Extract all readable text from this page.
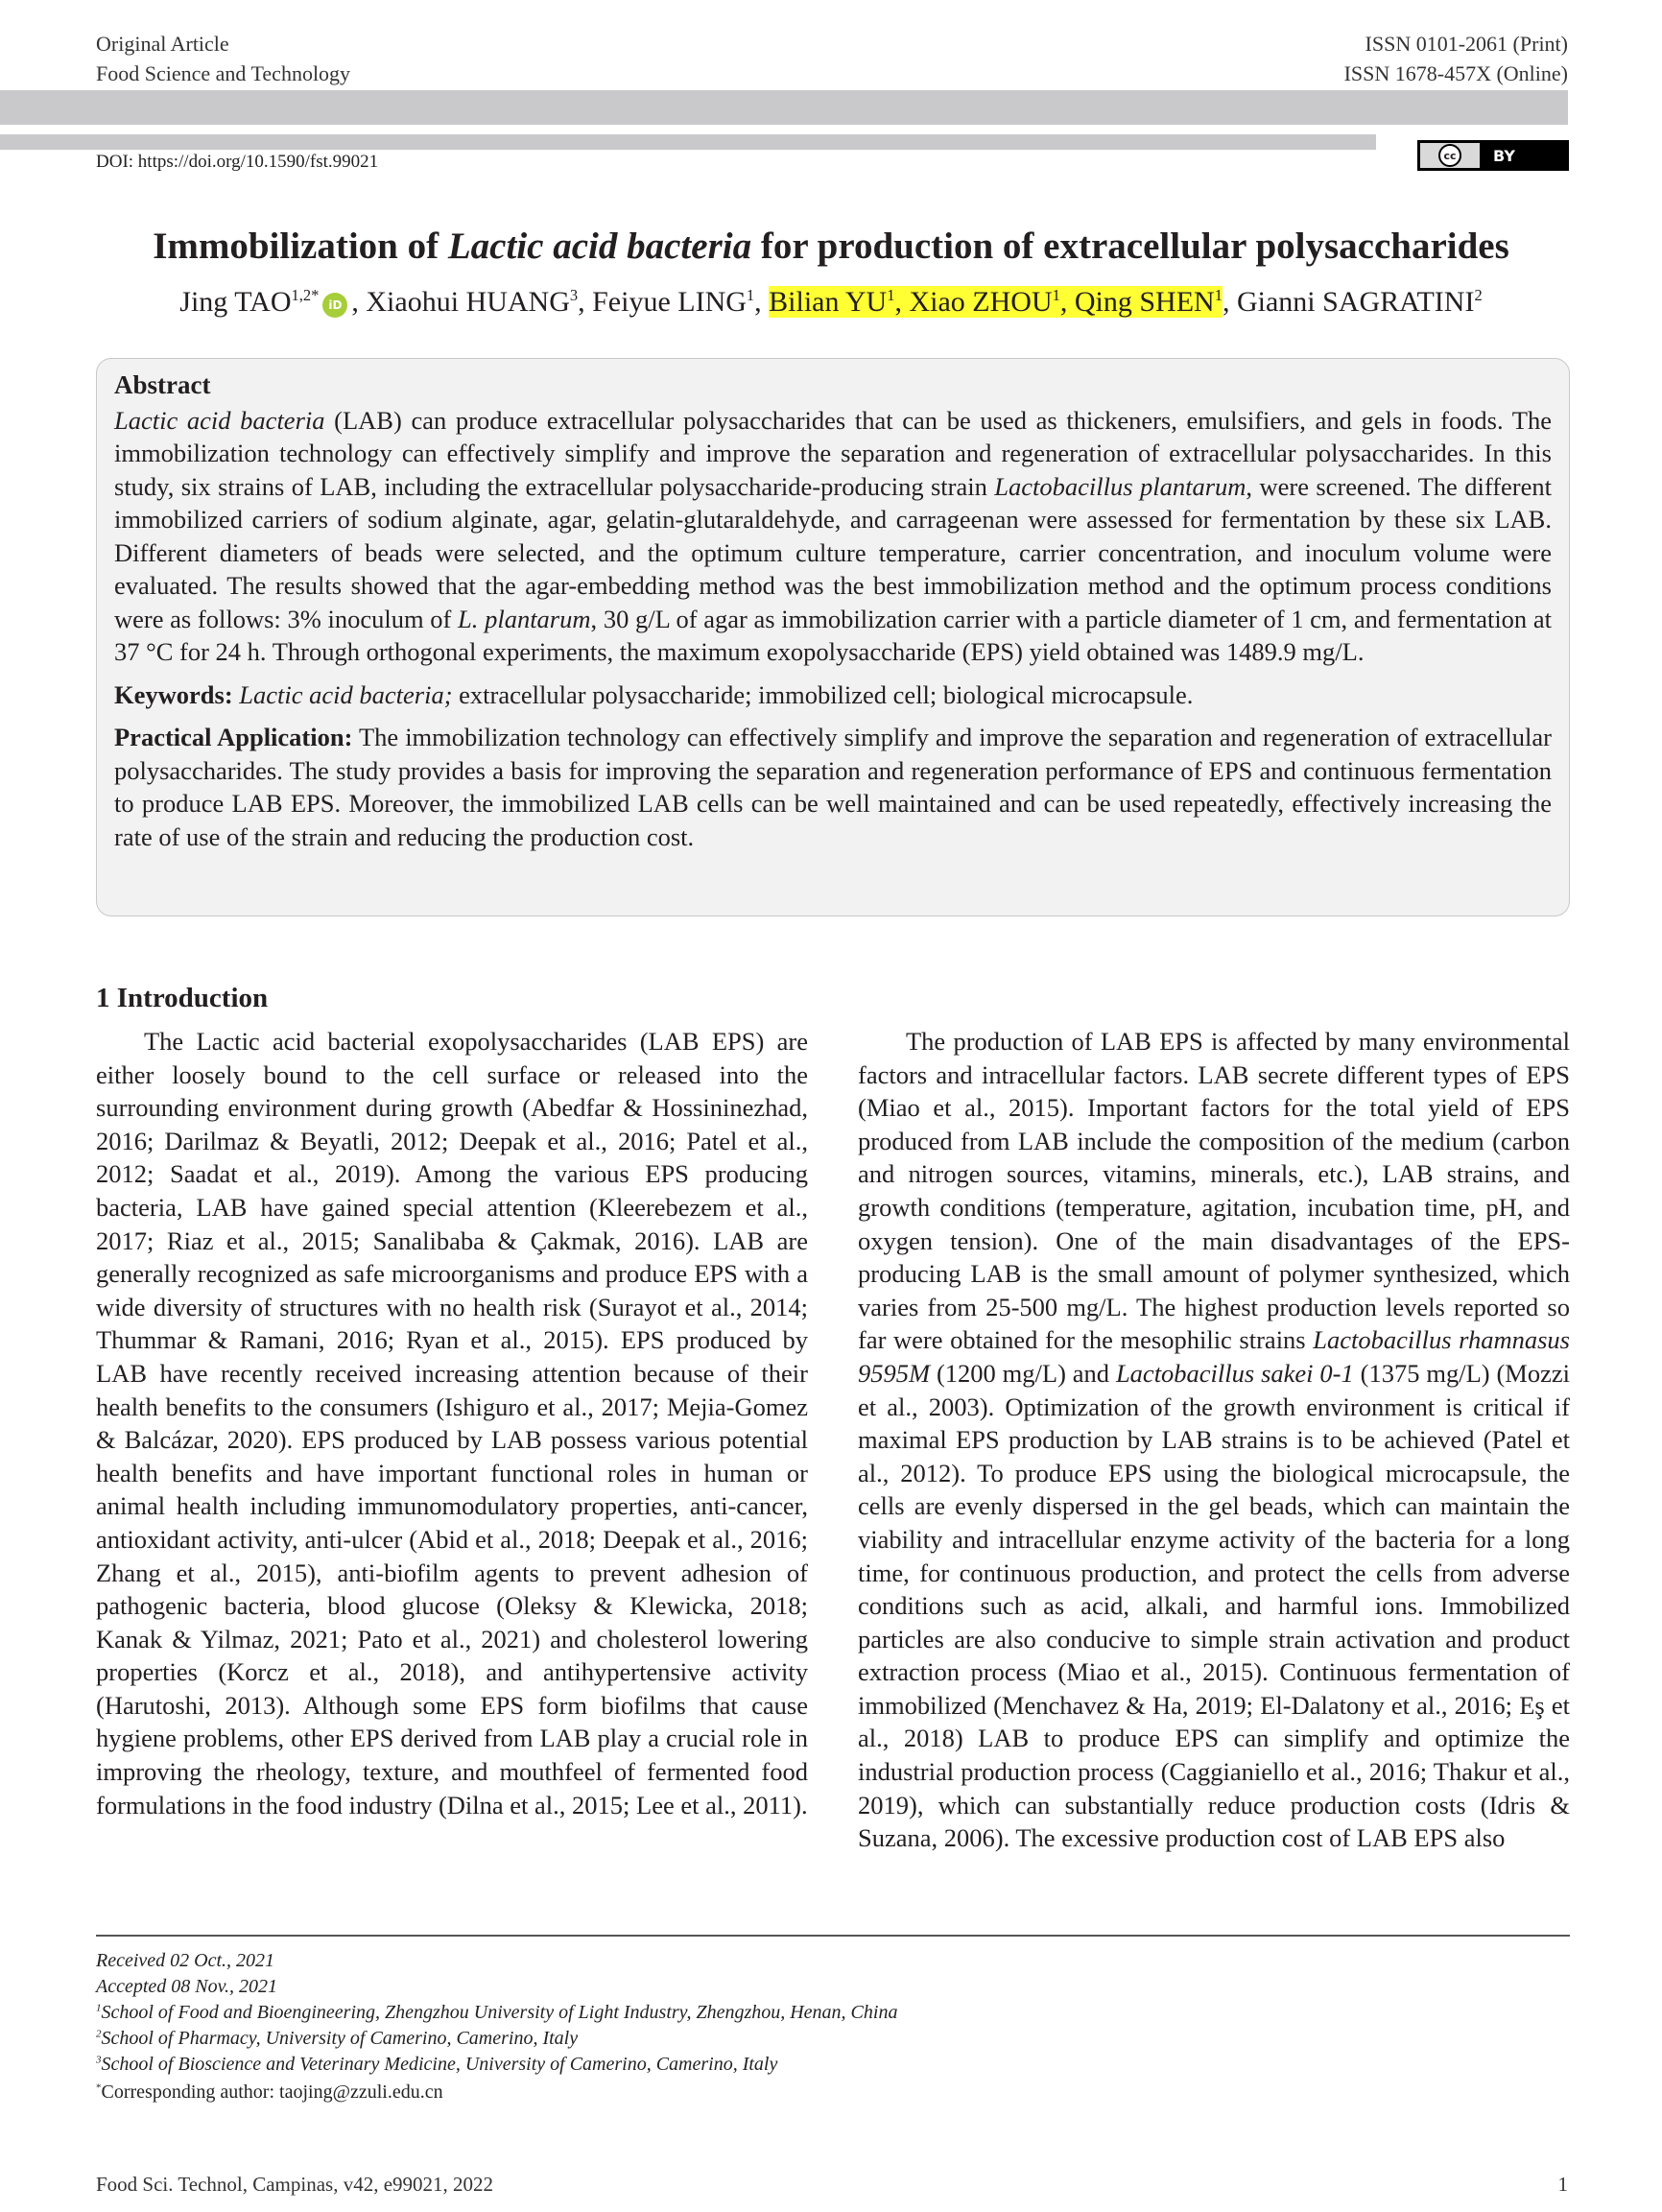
Original Article
Food Science and Technology
ISSN 0101-2061 (Print)
ISSN 1678-457X (Online)
DOI: https://doi.org/10.1590/fst.99021	cc	BY
Immobilization of Lactic acid bacteria for production of extracellular polysaccharides
Jing $TAO^{1,2*}iD$ , Xiaohui HUANG$^3$, Feiyue LING$^1$, Bilian $YU^1$, Xiao ZHOU$^1$, Qing SHEN$^1$, Gianni SAGRATINI$^2$

Abstract

Lactic acid bacteria (LAB) can produce extracellular polysaccharides that can be used as thickeners, emulsifiers, and gels in foods. The immobilization technology can effectively simplify and improve the separation and regeneration of extracellular polysaccharides. In this study, six strains of LAB, including the extracellular polysaccharide-producing strain Lactobacillus plantarum, were screened. The different immobilized carriers of sodium alginate, agar, gelatin-glutaraldehyde, and carrageenan were assessed for fermentation by these six LAB. Different diameters of beads were selected, and the optimum culture temperature, carrier concentration, and inoculum volume were evaluated. The results showed that the agar-embedding method was the best immobilization method and the optimum process conditions were as follows: 3% inoculum of L. plantarum, 30 g/L of agar as immobilization carrier with a particle diameter of 1 cm, and fermentation at 37 °C for 24 h. Through orthogonal experiments, the maximum exopolysaccharide (EPS) yield obtained was 1489.9 mg/L.

Keywords: Lactic acid bacteria; extracellular polysaccharide; immobilized cell; biological microcapsule.

Practical Application: The immobilization technology can effectively simplify and improve the separation and regeneration of extracellular polysaccharides. The study provides a basis for improving the separation and regeneration performance of EPS and continuous fermentation to produce LAB EPS. Moreover, the immobilized LAB cells can be well maintained and can be used repeatedly, effectively increasing the rate of use of the strain and reducing the production cost.

1 Introduction

The Lactic acid bacterial exopolysaccharides (LAB EPS) are either loosely bound to the cell surface or released into the surrounding environment during growth (Abedfar & Hossininezhad, 2016; Darilmaz & Beyatli, 2012; Deepak et al., 2016; Patel et al., 2012; Saadat et al., 2019). Among the various EPS producing bacteria, LAB have gained special attention (Kleerebezem et al., 2017; Riaz et al., 2015; Sanalibaba & Çakmak, 2016). LAB are generally recognized as safe microorganisms and produce EPS with a wide diversity of structures with no health risk (Surayot et al., 2014; Thummar & Ramani, 2016; Ryan et al., 2015). EPS produced by LAB have recently received increasing attention because of their health benefits to the consumers (Ishiguro et al., 2017; Mejia-Gomez & Balcázar, 2020). EPS produced by LAB possess various potential health benefits and have important functional roles in human or animal health including immunomodulatory properties, anti-cancer, antioxidant activity, anti-ulcer (Abid et al., 2018; Deepak et al., 2016; Zhang et al., 2015), anti-biofilm agents to prevent adhesion of pathogenic bacteria, blood glucose (Oleksy & Klewicka, 2018; Kanak & Yilmaz, 2021; Pato et al., 2021) and cholesterol lowering properties (Korcz et al., 2018), and antihypertensive activity (Harutoshi, 2013). Although some EPS form biofilms that cause hygiene problems, other EPS derived from LAB play a crucial role in improving the rheology, texture, and mouthfeel of fermented food formulations in the food industry (Dilna et al., 2015; Lee et al., 2011).

The production of LAB EPS is affected by many environmental factors and intracellular factors. LAB secrete different types of EPS (Miao et al., 2015). Important factors for the total yield of EPS produced from LAB include the composition of the medium (carbon and nitrogen sources, vitamins, minerals, etc.), LAB strains, and growth conditions (temperature, agitation, incubation time, pH, and oxygen tension). One of the main disadvantages of the EPS-producing LAB is the small amount of polymer synthesized, which varies from 25-500 mg/L. The highest production levels reported so far were obtained for the mesophilic strains Lactobacillus rhamnasus 9595M (1200 mg/L) and Lactobacillus sakei 0-1 (1375 mg/L) (Mozzi et al., 2003). Optimization of the growth environment is critical if maximal EPS production by LAB strains is to be achieved (Patel et al., 2012). To produce EPS using the biological microcapsule, the cells are evenly dispersed in the gel beads, which can maintain the viability and intracellular enzyme activity of the bacteria for a long time, for continuous production, and protect the cells from adverse conditions such as acid, alkali, and harmful ions. Immobilized particles are also conducive to simple strain activation and product extraction process (Miao et al., 2015). Continuous fermentation of immobilized (Menchavez & Ha, 2019; El-Dalatony et al., 2016; Eş et al., 2018) LAB to produce EPS can simplify and optimize the industrial production process (Caggianiello et al., 2016; Thakur et al., 2019), which can substantially reduce production costs (Idris & Suzana, 2006). The excessive production cost of LAB EPS also

Received 02 Oct., 2021
Accepted 08 Nov., 2021
$^1$School of Food and Bioengineering, Zhengzhou University of Light Industry, Zhengzhou, Henan, China
$^2$School of Pharmacy, University of Camerino, Camerino, Italy
$^3$School of Bioscience and Veterinary Medicine, University of Camerino, Camerino, Italy
*Corresponding author: taojing@zzuli.edu.cn
Food Sci. Technol, Campinas, v42, e99021, 2022	1
